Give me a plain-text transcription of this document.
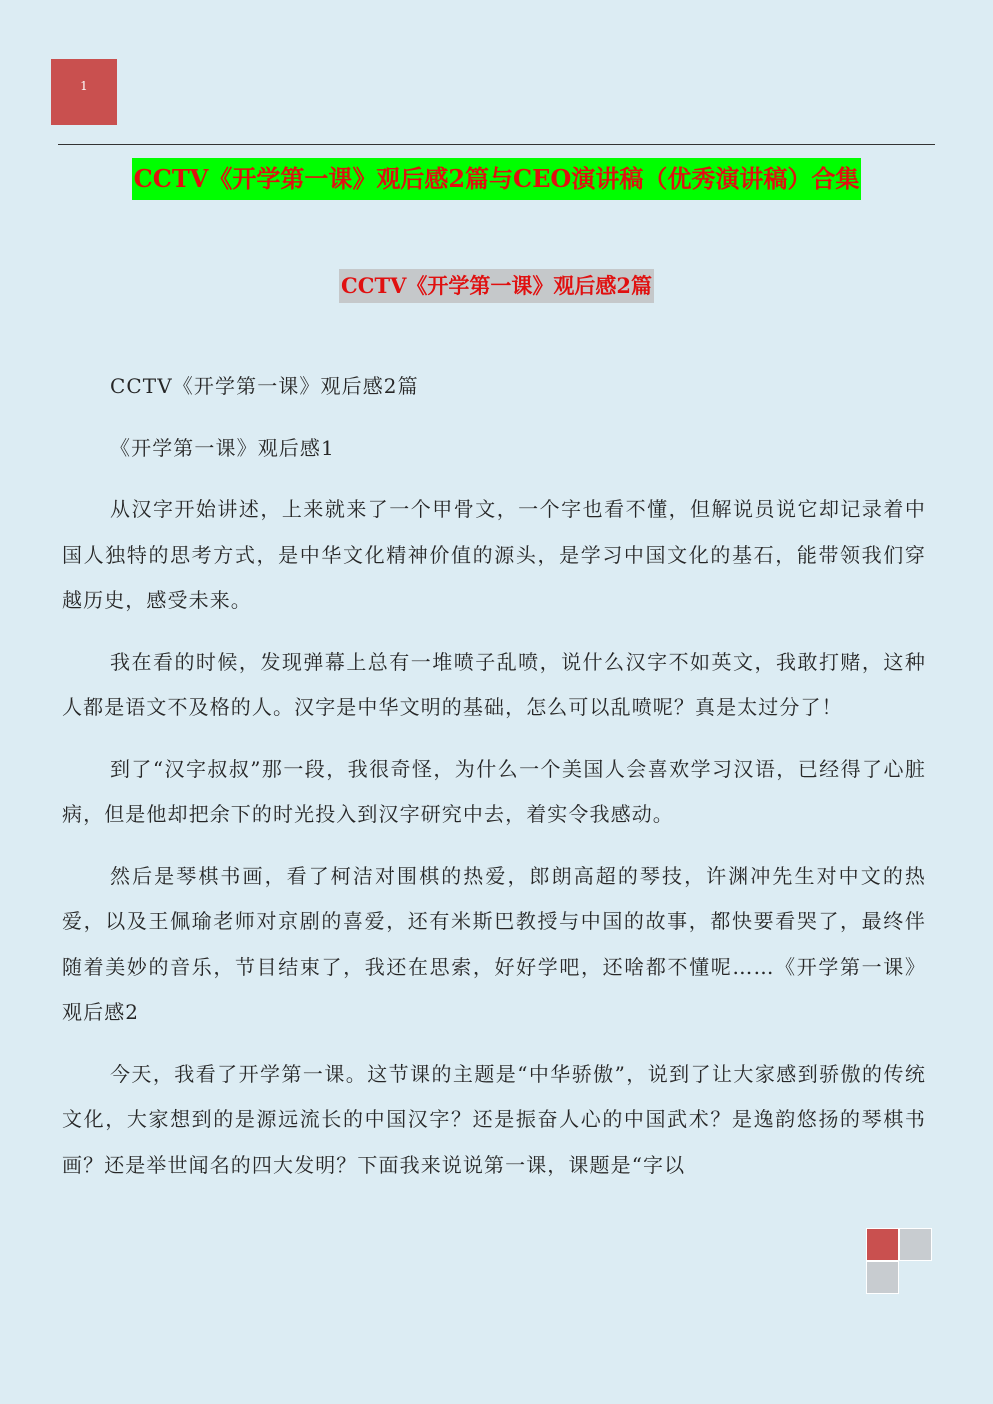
1
CCTV《开学第一课》观后感2篇与CEO演讲稿（优秀演讲稿）合集
CCTV《开学第一课》观后感2篇

CCTV《开学第一课》观后感2篇

《开学第一课》观后感1

从汉字开始讲述，上来就来了一个甲骨文，一个字也看不懂，但解说员说它却记录着中国人独特的思考方式，是中华文化精神价值的源头，是学习中国文化的基石，能带领我们穿越历史，感受未来。

我在看的时候，发现弹幕上总有一堆喷子乱喷，说什么汉字不如英文，我敢打赌，这种人都是语文不及格的人。汉字是中华文明的基础，怎么可以乱喷呢？真是太过分了！

到了“汉字叔叔”那一段，我很奇怪，为什么一个美国人会喜欢学习汉语，已经得了心脏病，但是他却把余下的时光投入到汉字研究中去，着实令我感动。

然后是琴棋书画，看了柯洁对围棋的热爱，郎朗高超的琴技，许渊冲先生对中文的热爱，以及王佩瑜老师对京剧的喜爱，还有米斯巴教授与中国的故事，都快要看哭了，最终伴随着美妙的音乐，节目结束了，我还在思索，好好学吧，还啥都不懂呢……《开学第一课》观后感2

今天，我看了开学第一课。这节课的主题是“中华骄傲”，说到了让大家感到骄傲的传统文化，大家想到的是源远流长的中国汉字？还是振奋人心的中国武术？是逸韵悠扬的琴棋书画？还是举世闻名的四大发明？下面我来说说第一课，课题是“字以
